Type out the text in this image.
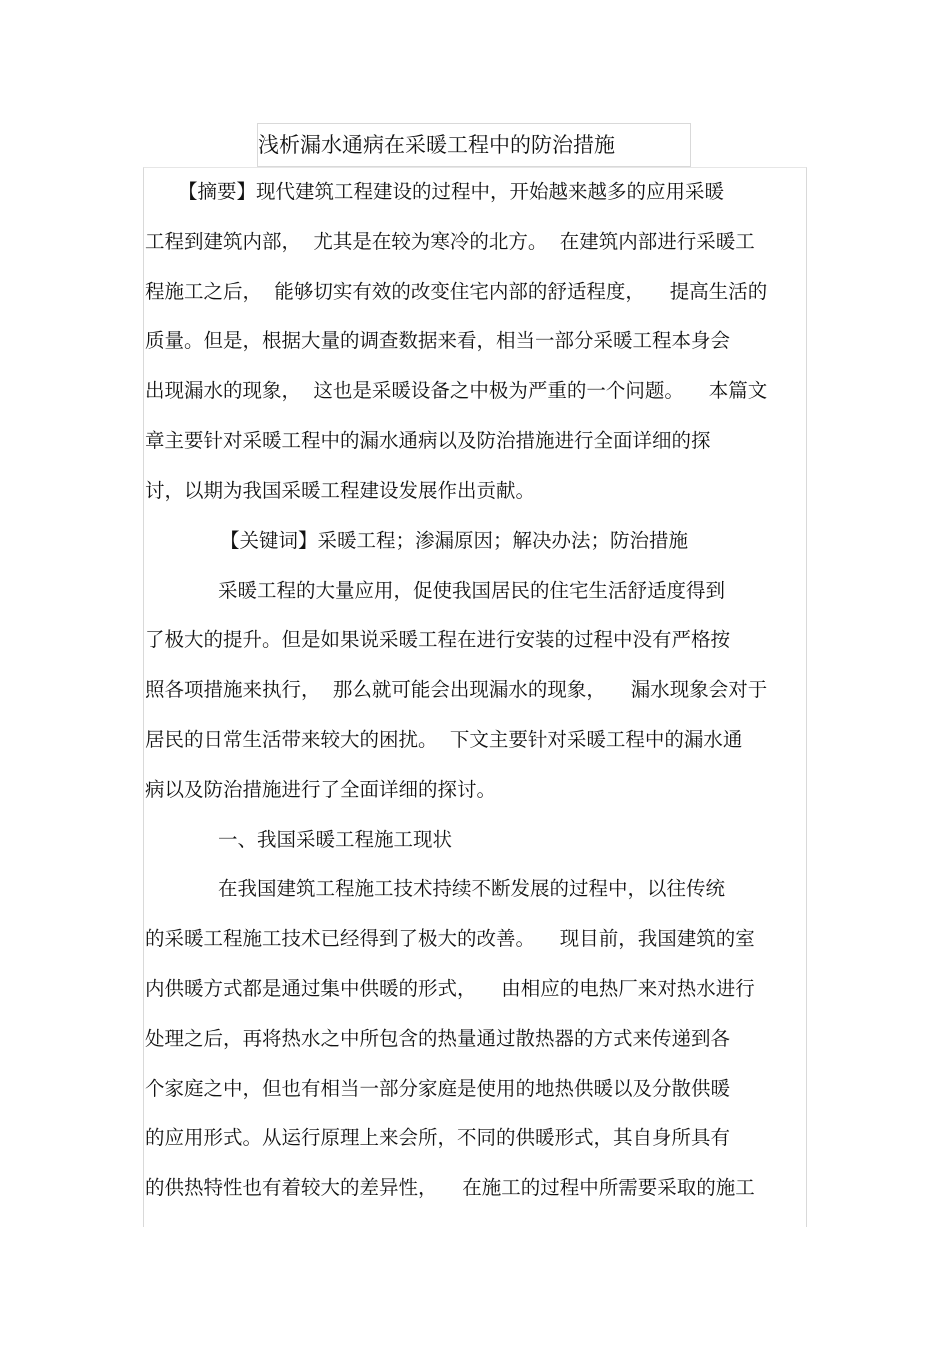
浅析漏水通病在采暖工程中的防治措施
【摘要】现代建筑工程建设的过程中，开始越来越多的应用采暖
工程到建筑内部，  尤其是在较为寒冷的北方。  在建筑内部进行采暖工
程施工之后，  能够切实有效的改变住宅内部的舒适程度，    提高生活的
质量。但是，根据大量的调查数据来看，相当一部分采暖工程本身会
出现漏水的现象，  这也是采暖设备之中极为严重的一个问题。    本篇文
章主要针对采暖工程中的漏水通病以及防治措施进行全面详细的探
讨，以期为我国采暖工程建设发展作出贡献。
【关键词】采暖工程；渗漏原因；解决办法；防治措施
采暖工程的大量应用，促使我国居民的住宅生活舒适度得到
了极大的提升。但是如果说采暖工程在进行安装的过程中没有严格按
照各项措施来执行，  那么就可能会出现漏水的现象，    漏水现象会对于
居民的日常生活带来较大的困扰。  下文主要针对采暖工程中的漏水通
病以及防治措施进行了全面详细的探讨。
一、我国采暖工程施工现状
在我国建筑工程施工技术持续不断发展的过程中，以往传统
的采暖工程施工技术已经得到了极大的改善。    现目前，我国建筑的室
内供暖方式都是通过集中供暖的形式，    由相应的电热厂来对热水进行
处理之后，再将热水之中所包含的热量通过散热器的方式来传递到各
个家庭之中，但也有相当一部分家庭是使用的地热供暖以及分散供暖
的应用形式。从运行原理上来会所，不同的供暖形式，其自身所具有
的供热特性也有着较大的差异性，    在施工的过程中所需要采取的施工
